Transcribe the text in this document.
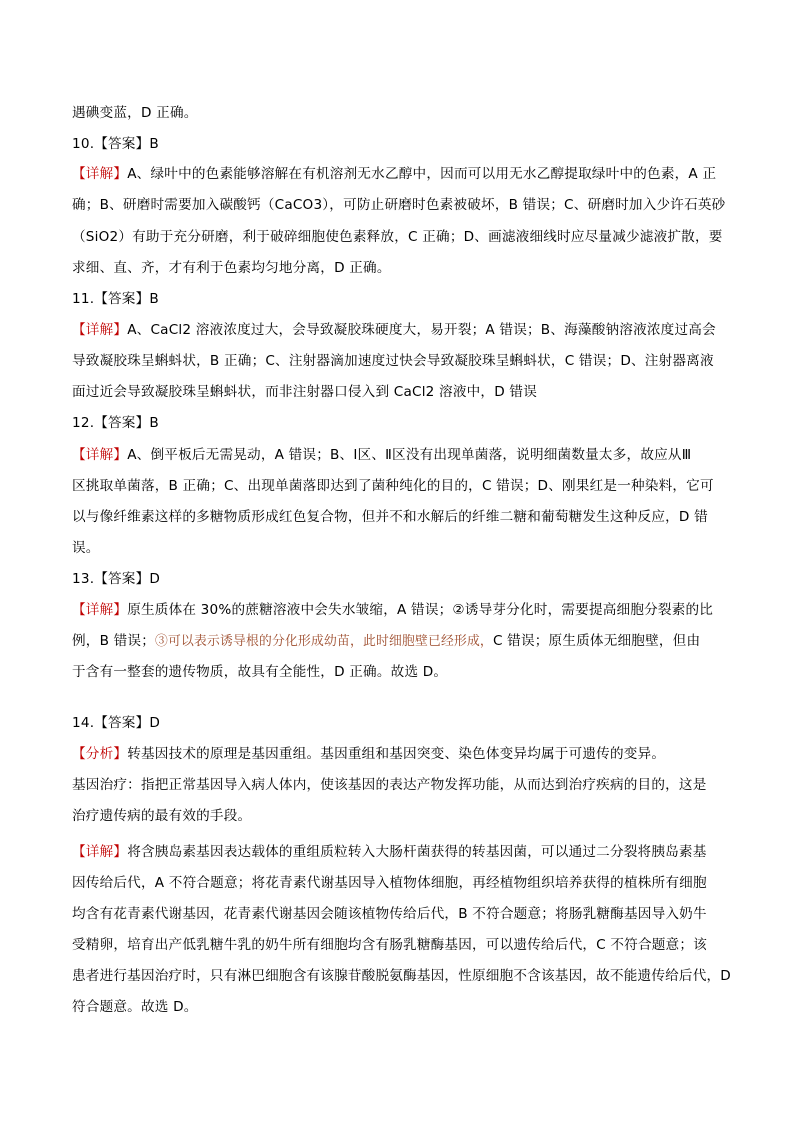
遇碘变蓝，D 正确。
10.【答案】B
【详解】A、绿叶中的色素能够溶解在有机溶剂无水乙醇中，因而可以用无水乙醇提取绿叶中的色素，A 正
确；B、研磨时需要加入碳酸钙（CaCO3），可防止研磨时色素被破坏，B 错误；C、研磨时加入少许石英砂
（SiO2）有助于充分研磨，利于破碎细胞使色素释放，C 正确；D、画滤液细线时应尽量减少滤液扩散，要
求细、直、齐，才有利于色素均匀地分离，D 正确。
11.【答案】B
【详解】A、CaCl2 溶液浓度过大，会导致凝胶珠硬度大，易开裂；A 错误；B、海藻酸钠溶液浓度过高会
导致凝胶珠呈蝌蚪状，B 正确；C、注射器滴加速度过快会导致凝胶珠呈蝌蚪状，C 错误；D、注射器离液
面过近会导致凝胶珠呈蝌蚪状，而非注射器口侵入到 CaCl2 溶液中，D 错误
12.【答案】B
【详解】A、倒平板后无需晃动，A 错误；B、Ⅰ区、Ⅱ区没有出现单菌落，说明细菌数量太多，故应从Ⅲ
区挑取单菌落，B 正确；C、出现单菌落即达到了菌种纯化的目的，C 错误；D、刚果红是一种染料，它可
以与像纤维素这样的多糖物质形成红色复合物，但并不和水解后的纤维二糖和葡萄糖发生这种反应，D 错
误。
13.【答案】D
【详解】原生质体在 30%的蔗糖溶液中会失水皱缩，A 错误；②诱导芽分化时，需要提高细胞分裂素的比
例，B 错误；③可以表示诱导根的分化形成幼苗，此时细胞壁已经形成，C 错误；原生质体无细胞壁，但由
于含有一整套的遗传物质，故具有全能性，D 正确。故选 D。
14.【答案】D
【分析】转基因技术的原理是基因重组。基因重组和基因突变、染色体变异均属于可遗传的变异。
基因治疗：指把正常基因导入病人体内，使该基因的表达产物发挥功能，从而达到治疗疾病的目的，这是
治疗遗传病的最有效的手段。
【详解】将含胰岛素基因表达载体的重组质粒转入大肠杆菌获得的转基因菌，可以通过二分裂将胰岛素基
因传给后代，A 不符合题意；将花青素代谢基因导入植物体细胞，再经植物组织培养获得的植株所有细胞
均含有花青素代谢基因，花青素代谢基因会随该植物传给后代，B 不符合题意；将肠乳糖酶基因导入奶牛
受精卵，培育出产低乳糖牛乳的奶牛所有细胞均含有肠乳糖酶基因，可以遗传给后代，C 不符合题意；该
患者进行基因治疗时，只有淋巴细胞含有该腺苷酸脱氨酶基因，性原细胞不含该基因，故不能遗传给后代，D
符合题意。故选 D。
